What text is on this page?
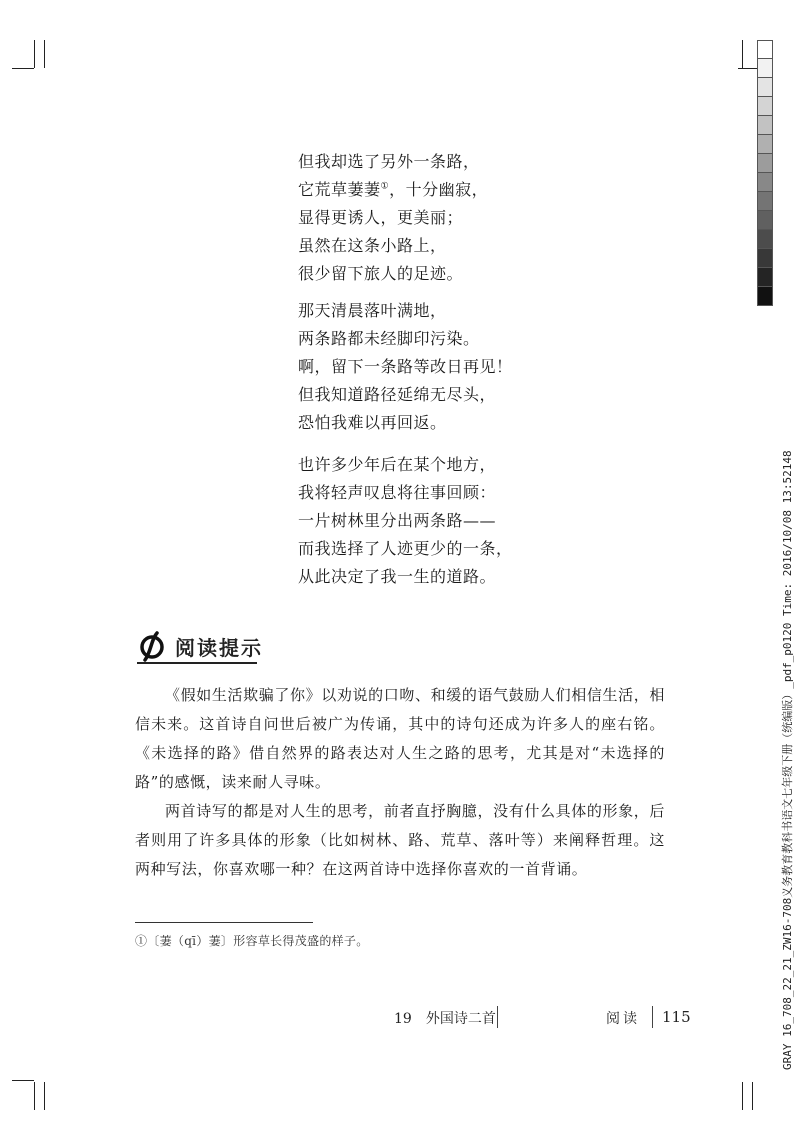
但我却选了另外一条路，

它荒草萋萋①，十分幽寂，

显得更诱人，更美丽；

虽然在这条小路上，

很少留下旅人的足迹。

那天清晨落叶满地，

两条路都未经脚印污染。

啊，留下一条路等改日再见！

但我知道路径延绵无尽头，

恐怕我难以再回返。

也许多少年后在某个地方，

我将轻声叹息将往事回顾：

一片树林里分出两条路——

而我选择了人迹更少的一条，

从此决定了我一生的道路。

阅读提示

《假如生活欺骗了你》以劝说的口吻、和缓的语气鼓励人们相信生活，相信未来。这首诗自问世后被广为传诵，其中的诗句还成为许多人的座右铭。《未选择的路》借自然界的路表达对人生之路的思考，尤其是对“未选择的路”的感慨，读来耐人寻味。

两首诗写的都是对人生的思考，前者直抒胸臆，没有什么具体的形象，后者则用了许多具体的形象（比如树林、路、荒草、落叶等）来阐释哲理。这两种写法，你喜欢哪一种？在这两首诗中选择你喜欢的一首背诵。

①〔萋（qī）萋〕形容草长得茂盛的样子。
19　外国诗二首	阅读 115
GRAY 16_708_22_21_ZW16-708义务教育教科书语文七年级下册（统编版）_pdf_p0120 Time: 2016/10/08 13:52148
